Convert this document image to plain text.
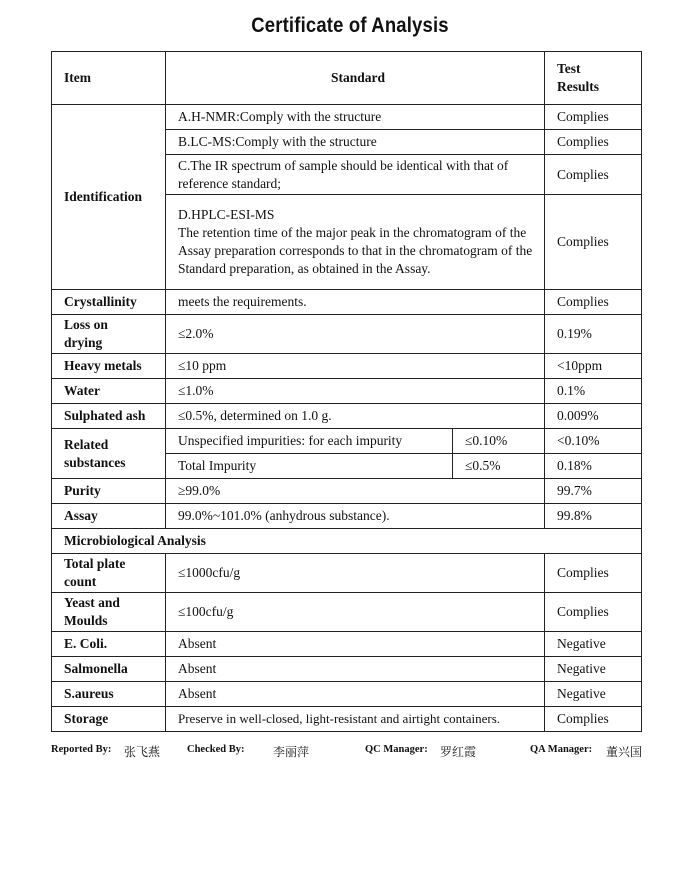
Certificate of Analysis
Item	Standard		Test Results
Identification	A.H-NMR:Comply with the structure		Complies
	B.LC-MS:Comply with the structure		Complies
	C.The IR spectrum of sample should be identical with that of reference standard;		Complies

	D.HPLC-ESI-MS
The retention time of the major peak in the chromatogram of the Assay preparation corresponds to that in the chromatogram of the Standard preparation, as obtained in the Assay.		Complies
Crystallinity	meets the requirements.		Complies
Loss on drying	≤2.0%		0.19%
Heavy metals	≤10 ppm		<10ppm
Water	≤1.0%		0.1%
Sulphated ash	≤0.5%, determined on 1.0 g.		0.009%
Related substances	Unspecified impurities: for each impurity	≤0.10%	<0.10%
	Total Impurity	≤0.5%	0.18%
Purity	≥99.0%		99.7%
Assay	99.0%~101.0% (anhydrous substance).		99.8%
Microbiological Analysis			
Total plate count	≤1000cfu/g		Complies
Yeast and Moulds	≤100cfu/g		Complies
E. Coli.	Absent		Negative
Salmonella	Absent		Negative
S.aureus	Absent		Negative
Storage	Preserve in well-closed, light-resistant and airtight containers.		Complies
Reported By: 张飞燕	Checked By: 李丽萍	QC Manager: 罗红霞	QA Manager: 董兴国
